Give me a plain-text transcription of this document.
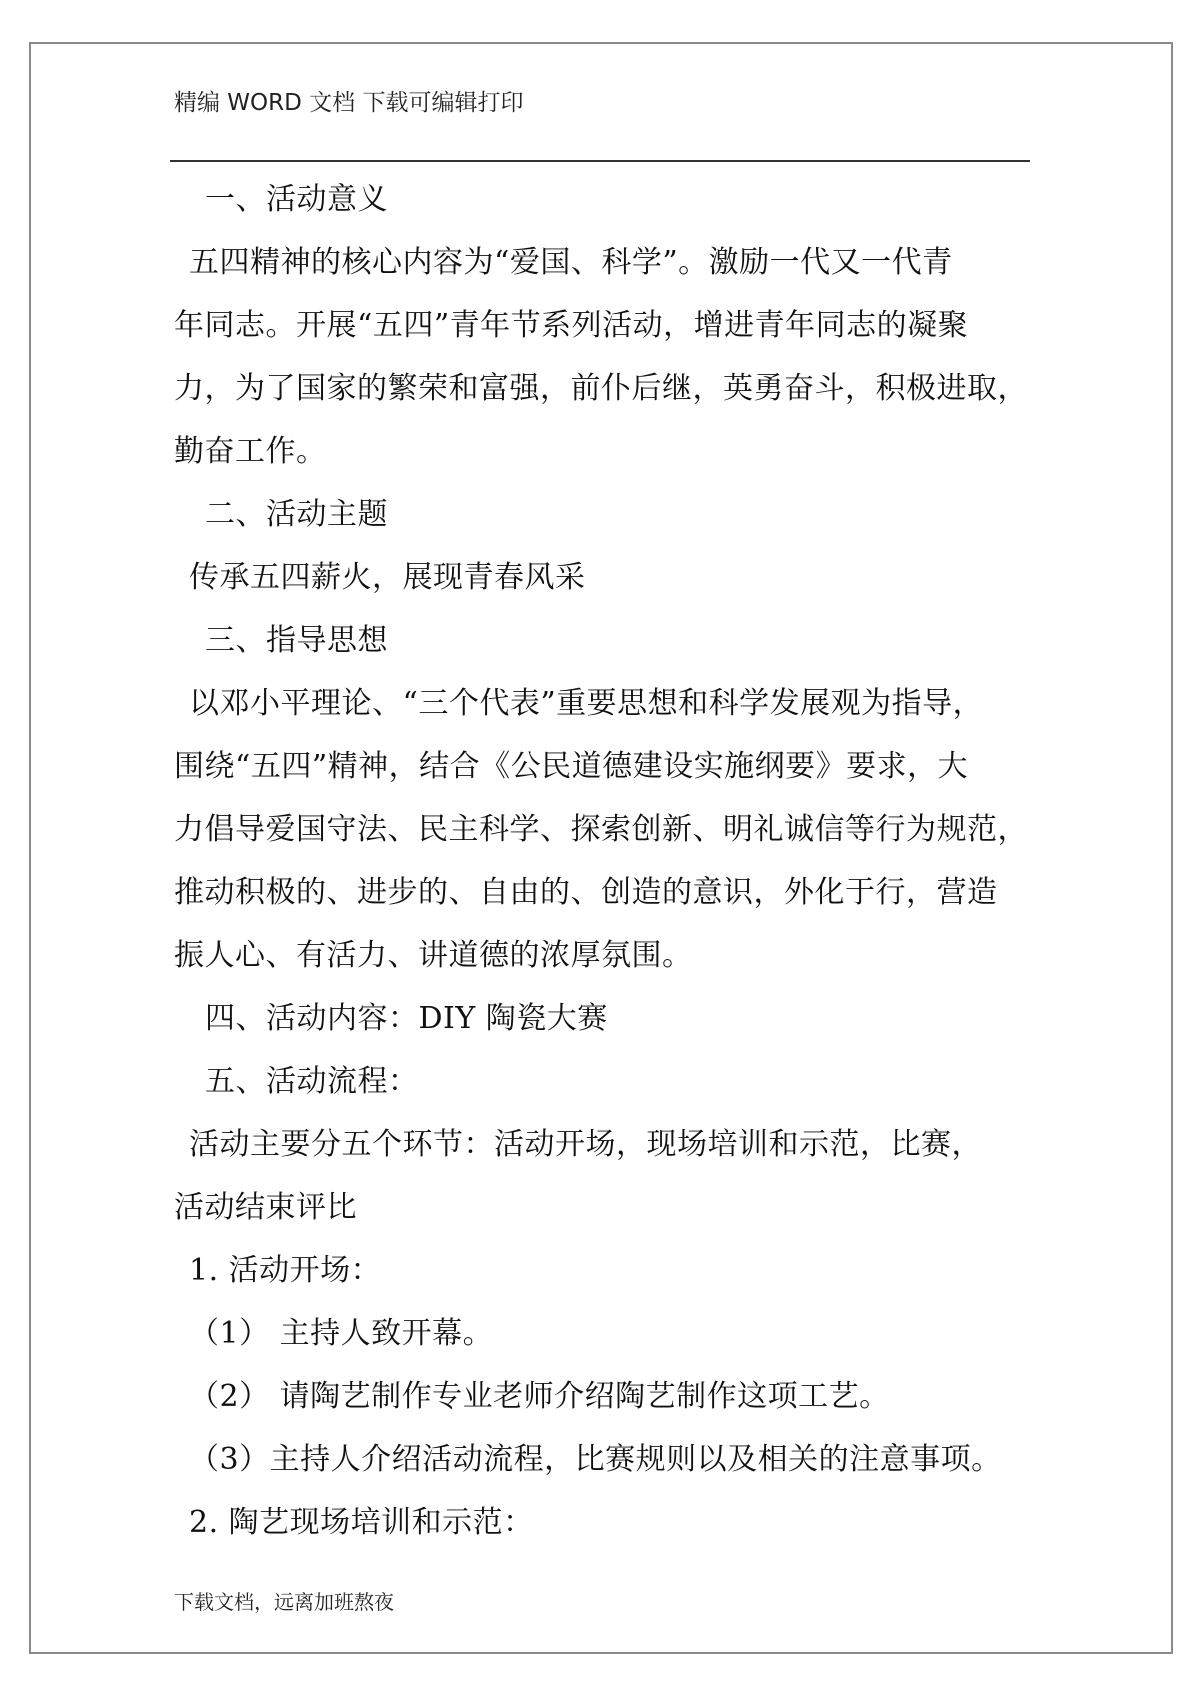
精编 WORD 文档 下载可编辑打印
一、活动意义
五四精神的核心内容为“爱国、科学”。激励一代又一代青
年同志。开展“五四”青年节系列活动，增进青年同志的凝聚
力，为了国家的繁荣和富强，前仆后继，英勇奋斗，积极进取，
勤奋工作。
二、活动主题
传承五四薪火，展现青春风采
三、指导思想
以邓小平理论、“三个代表”重要思想和科学发展观为指导，
围绕“五四”精神，结合《公民道德建设实施纲要》要求，大
力倡导爱国守法、民主科学、探索创新、明礼诚信等行为规范，
推动积极的、进步的、自由的、创造的意识，外化于行，营造
振人心、有活力、讲道德的浓厚氛围。
四、活动内容：DIY 陶瓷大赛
五、活动流程：
活动主要分五个环节：活动开场，现场培训和示范，比赛，
活动结束评比
1. 活动开场：
（1） 主持人致开幕。
（2） 请陶艺制作专业老师介绍陶艺制作这项工艺。
（3）主持人介绍活动流程，比赛规则以及相关的注意事项。
2. 陶艺现场培训和示范：
下载文档，远离加班熬夜
